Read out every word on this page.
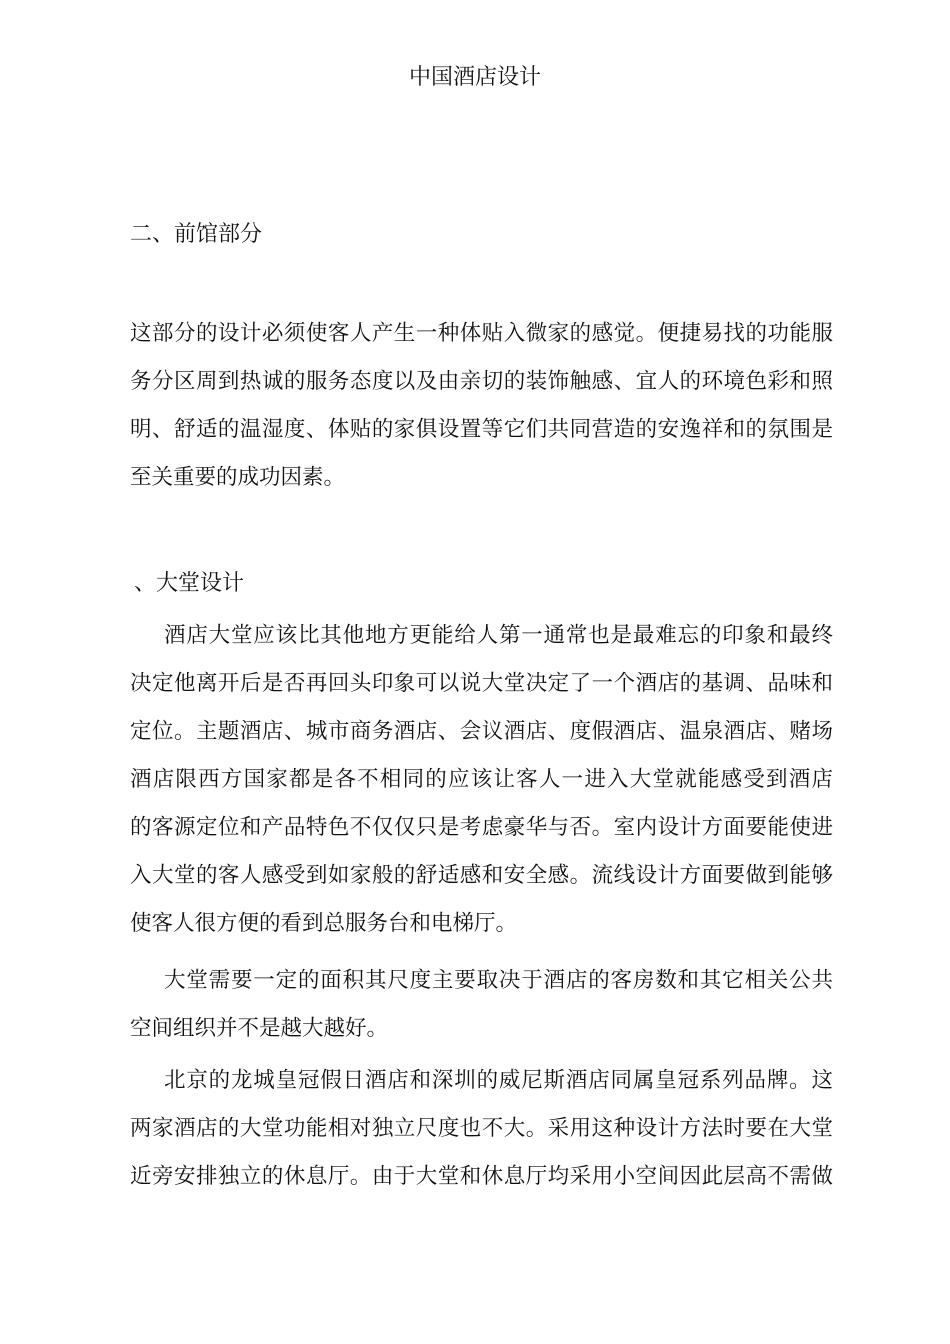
中国酒店设计
二、前馆部分

这部分的设计必须使客人产生一种体贴入微家的感觉。便捷易找的功能服
务分区周到热诚的服务态度以及由亲切的装饰触感、宜人的环境色彩和照
明、舒适的温湿度、体贴的家俱设置等它们共同营造的安逸祥和的氛围是
至关重要的成功因素。

、大堂设计

酒店大堂应该比其他地方更能给人第一通常也是最难忘的印象和最终
决定他离开后是否再回头印象可以说大堂决定了一个酒店的基调、品味和
定位。主题酒店、城市商务酒店、会议酒店、度假酒店、温泉酒店、赌场
酒店限西方国家都是各不相同的应该让客人一进入大堂就能感受到酒店
的客源定位和产品特色不仅仅只是考虑豪华与否。室内设计方面要能使进
入大堂的客人感受到如家般的舒适感和安全感。流线设计方面要做到能够
使客人很方便的看到总服务台和电梯厅。

大堂需要一定的面积其尺度主要取决于酒店的客房数和其它相关公共
空间组织并不是越大越好。

北京的龙城皇冠假日酒店和深圳的威尼斯酒店同属皇冠系列品牌。这
两家酒店的大堂功能相对独立尺度也不大。采用这种设计方法时要在大堂
近旁安排独立的休息厅。由于大堂和休息厅均采用小空间因此层高不需做
